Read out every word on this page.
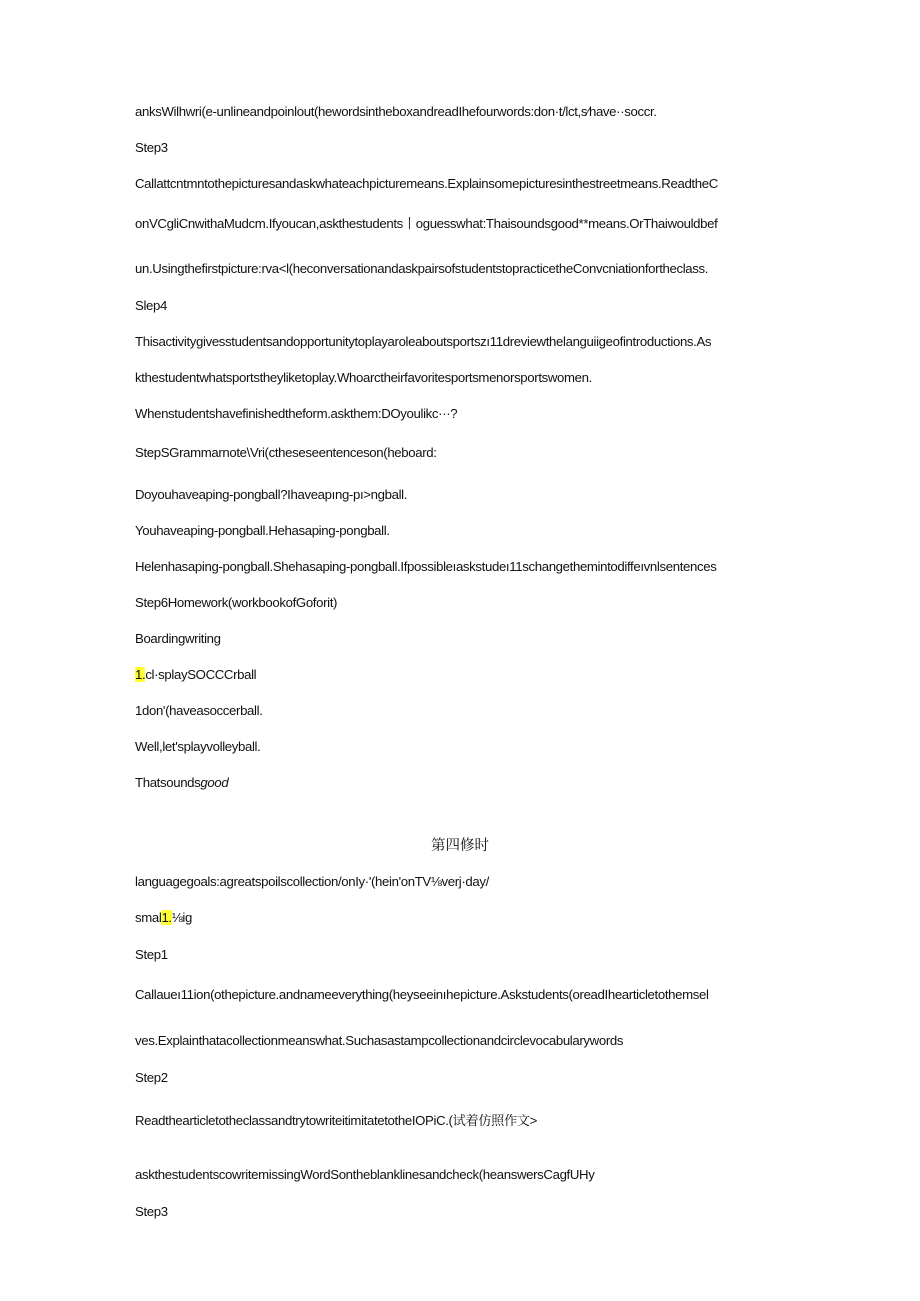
anksWilhwri(e-unlineandpoinlout(hewordsintheboxandreadIhefourwords:don·t/lct,s⁄have··soccr.
Step3
Callattcntmntothepicturesandaskwhateachpicturemeans.Explainsomepicturesinthestreetmeans.ReadtheC
onVCgliCnwithaMudcm.Ifyoucan,askthestudents丨oguesswhat:Thaisoundsgood**means.OrThaiwouldbef
un.Usingthefirstpicture:rva<l(heconversationandaskpairsofstudentstopracticetheConvcniationfortheclass.
Slep4
Thisactivitygivesstudentsandopportunitytoplayaroleaboutsportszı11dreviewthelanguiigeofintroductions.As
kthestudentwhatsportstheyliketoplay.Whoarctheirfavoritesportsmenorsportswomen.
Whenstudentshavefinishedtheform.askthem:DOyoulikc···?
StepSGrammarnote\Vri(ctheseseentenceson(heboard:
Doyouhaveaping-pongball?Ihaveapıng-pı>ngball.
Youhaveaping-pongball.Hehasaping-pongball.
Helenhasaping-pongball.Shehasaping-pongball.Ifpossibleıaskstudeı11schangethemintodiffeıvnlsentences
Step6Homework(workbookofGoforit)
Boardingwriting
1.cl·splaySOCCCrball
1don'(haveasoccerball.
Well,let'splayvolleyball.
Thatsoundsgood
第四修时
languagegoals:agreatspoilscollection/onIy·'(hein'onTV⅛verj·day/
smal1.⅛ig
Step1
Callaueı11ion(othepicture.andnameeverything(heyseeinıhepicture.Askstudents(oreadIhearticletothemsel
ves.Explainthatacollectionmeanswhat.Suchasastampcollectionandcirclevocabularywords
Step2
ReadthearticletotheclassandtrytowriteitimitatetotheIOPiC.(试着仿照作文>
askthestudentscowritemissingWordSontheblanklinesandcheck(heanswersCagfUHy
Step3
